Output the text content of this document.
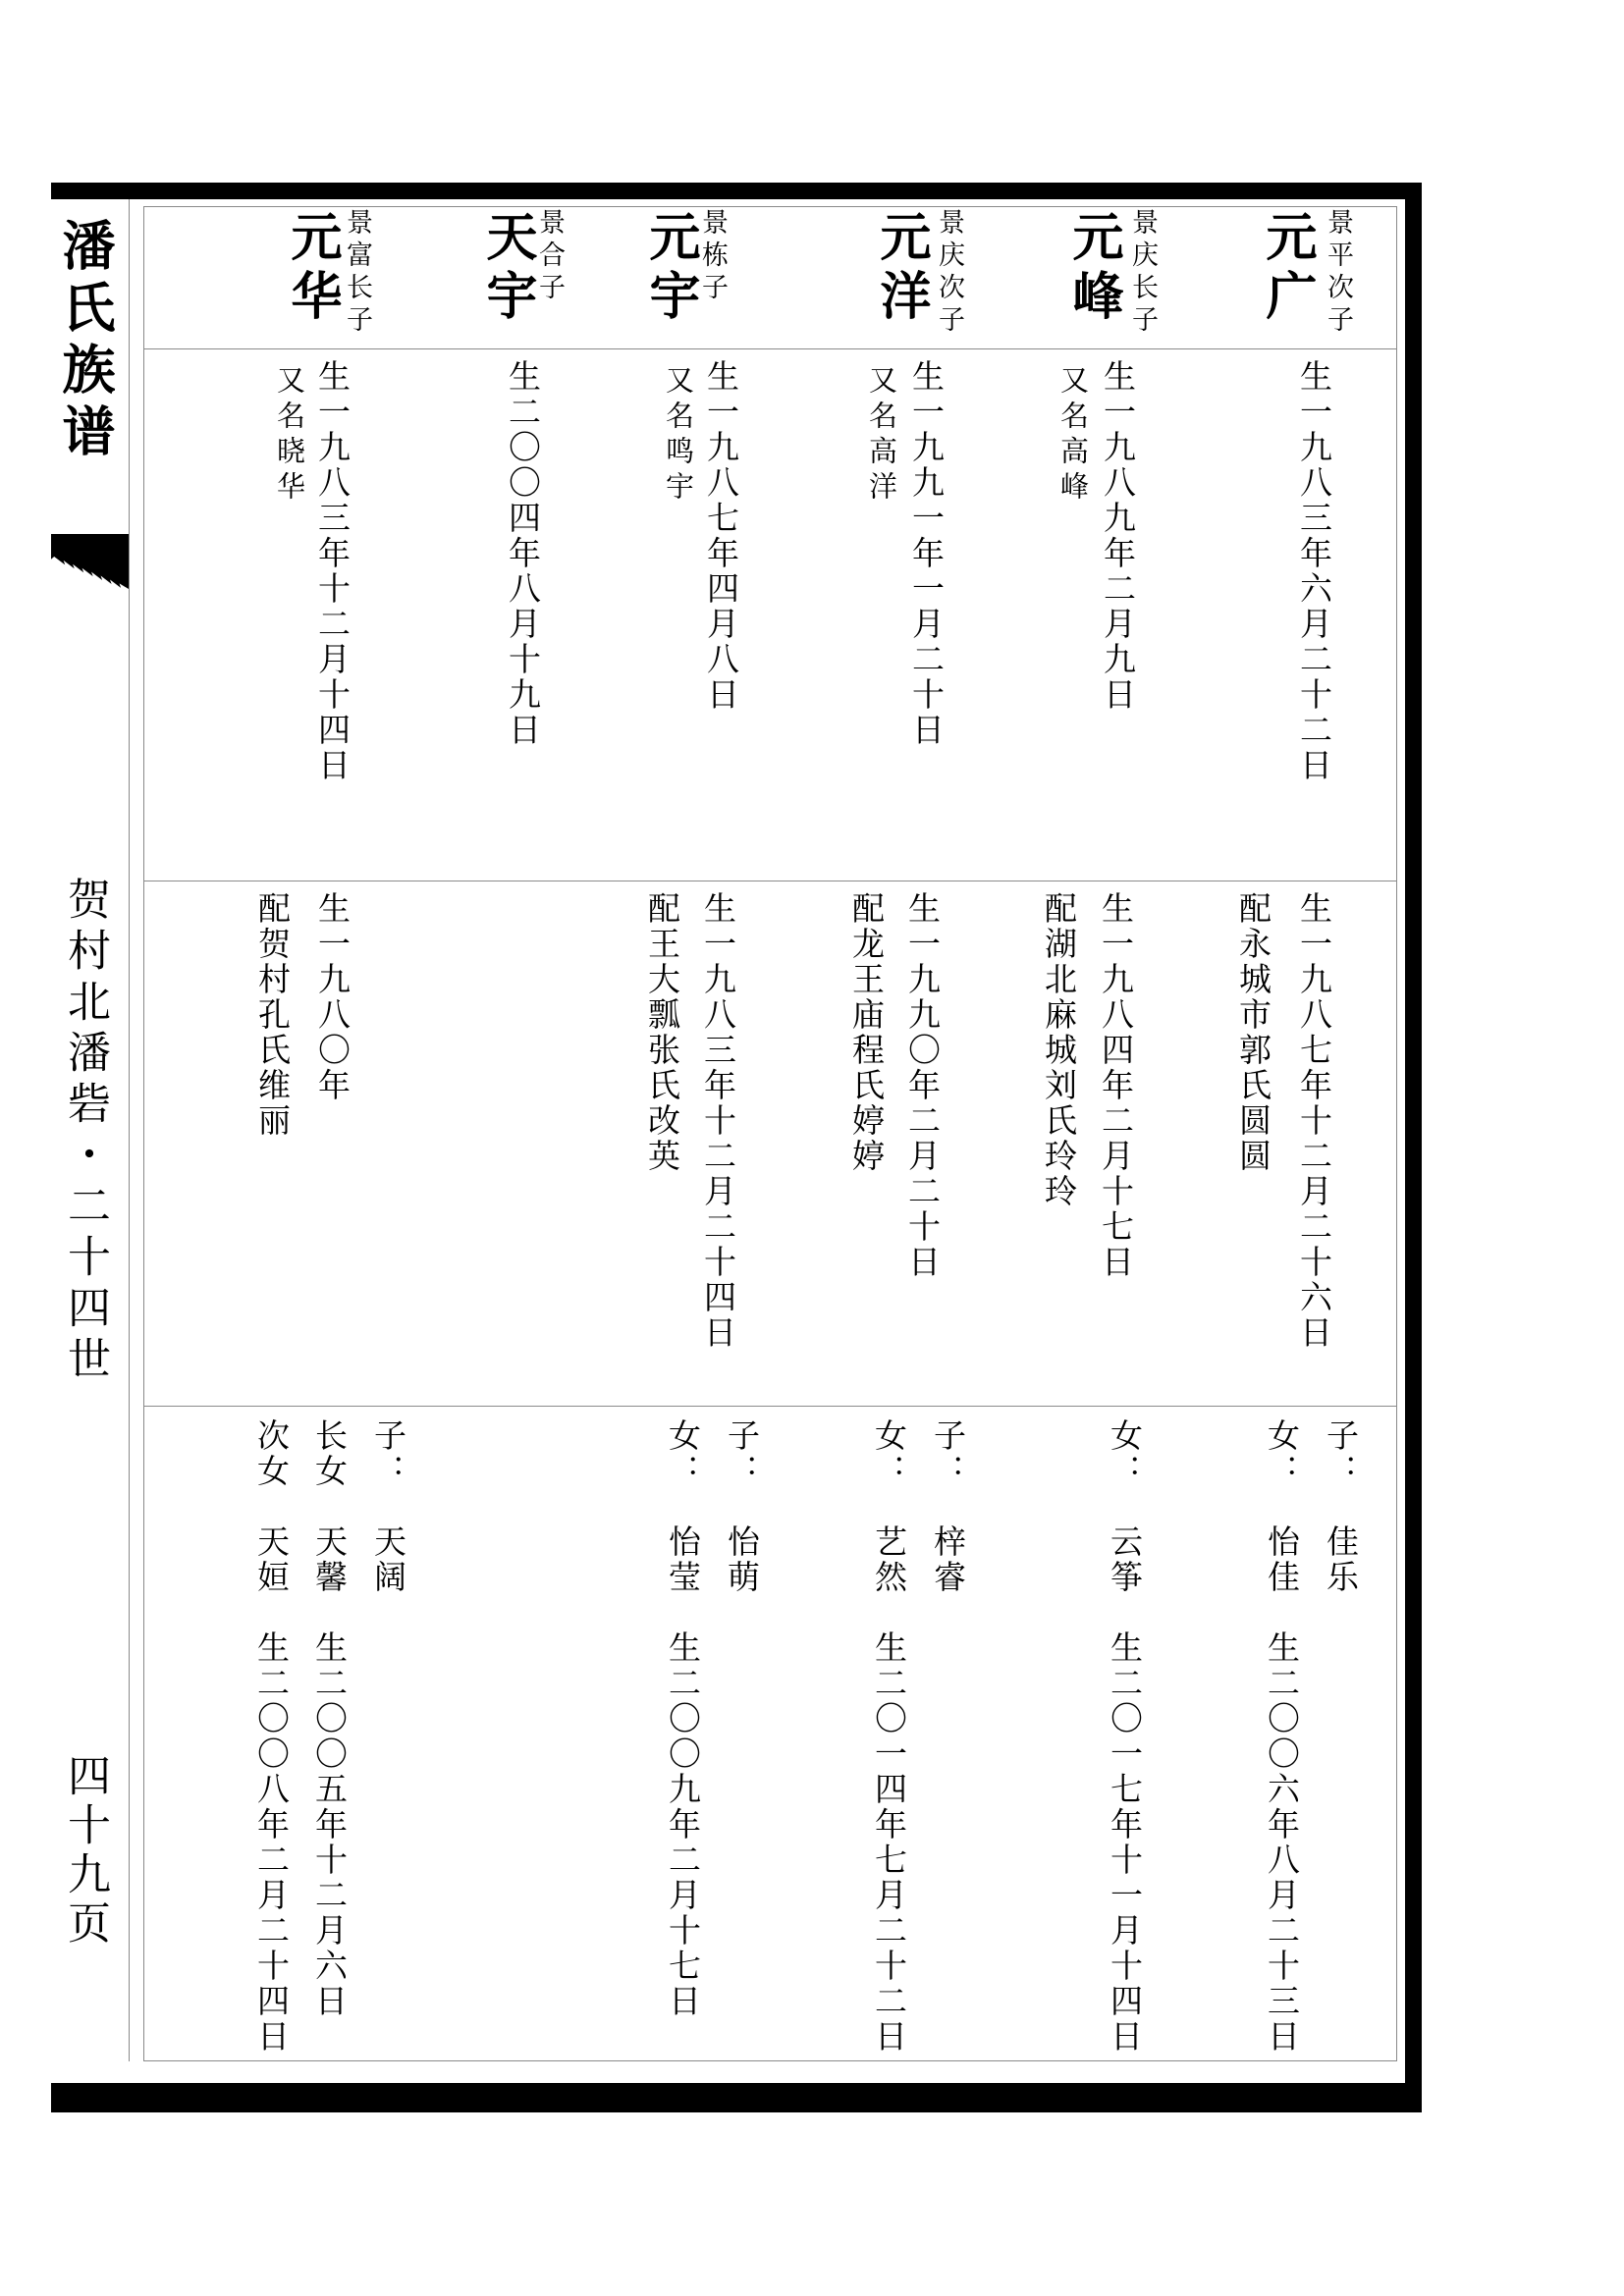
潘氏族谱
贺村北潘砦・二十四世
四十九页
元广 景平次子
生一九八三年六月二十二日
生一九八七年十二月二十六日
配永城市郭氏圆圆
子：　佳乐
女：　怡佳　生二〇〇六年八月二十三日
元峰 景庆长子
生一九八九年二月九日
又名高峰
生一九八四年二月十七日
配湖北麻城刘氏玲玲
女：　云筝　生二〇一七年十一月十四日
元洋 景庆次子
生一九九一年一月二十日
又名高洋
生一九九〇年二月二十日
配龙王庙程氏婷婷
子：　梓睿
女：　艺然　生二〇一四年七月二十二日
元宇 景栋子
生一九八七年四月八日
又名鸣宇
生一九八三年十二月二十四日
配王大瓢张氏改英
子：　怡萌
女：　怡莹　生二〇〇九年二月十七日
天宇 景合子
生二〇〇四年八月十九日
元华 景富长子
生一九八三年十二月十四日
又名晓华
生一九八〇年
配贺村孔氏维丽
子：　天阔
长女　天馨　生二〇〇五年十二月六日
次女　天姮　生二〇〇八年二月二十四日
